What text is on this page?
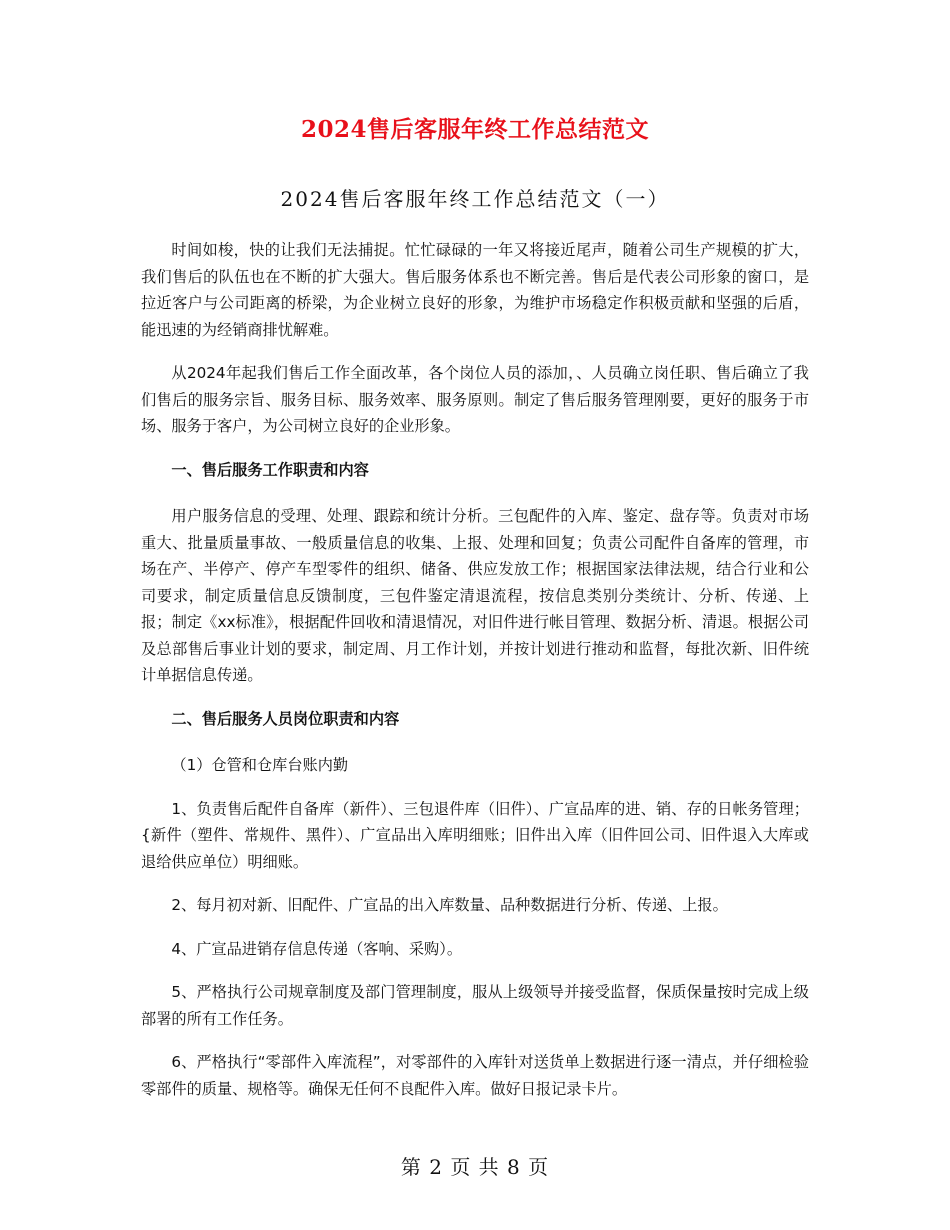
2024售后客服年终工作总结范文
2024售后客服年终工作总结范文（一）

时间如梭，快的让我们无法捕捉。忙忙碌碌的一年又将接近尾声，随着公司生产规模的扩大，我们售后的队伍也在不断的扩大强大。售后服务体系也不断完善。售后是代表公司形象的窗口，是拉近客户与公司距离的桥梁，为企业树立良好的形象，为维护市场稳定作积极贡献和坚强的后盾，能迅速的为经销商排忧解难。

从2024年起我们售后工作全面改革，各个岗位人员的添加，、人员确立岗任职、售后确立了我们售后的服务宗旨、服务目标、服务效率、服务原则。制定了售后服务管理刚要，更好的服务于市场、服务于客户，为公司树立良好的企业形象。

一、售后服务工作职责和内容

用户服务信息的受理、处理、跟踪和统计分析。三包配件的入库、鉴定、盘存等。负责对市场重大、批量质量事故、一般质量信息的收集、上报、处理和回复；负责公司配件自备库的管理，市场在产、半停产、停产车型零件的组织、储备、供应发放工作；根据国家法律法规，结合行业和公司要求，制定质量信息反馈制度，三包件鉴定清退流程，按信息类别分类统计、分析、传递、上报；制定《xx标准》，根据配件回收和清退情况，对旧件进行帐目管理、数据分析、清退。根据公司及总部售后事业计划的要求，制定周、月工作计划，并按计划进行推动和监督，每批次新、旧件统计单据信息传递。

二、售后服务人员岗位职责和内容

（1）仓管和仓库台账内勤

1、负责售后配件自备库（新件）、三包退件库（旧件）、广宣品库的进、销、存的日帐务管理；{新件（塑件、常规件、黑件）、广宣品出入库明细账；旧件出入库（旧件回公司、旧件退入大库或退给供应单位）明细账。

2、每月初对新、旧配件、广宣品的出入库数量、品种数据进行分析、传递、上报。

4、广宣品进销存信息传递（客响、采购）。

5、严格执行公司规章制度及部门管理制度，服从上级领导并接受监督，保质保量按时完成上级部署的所有工作任务。

6、严格执行“零部件入库流程”，对零部件的入库针对送货单上数据进行逐一清点，并仔细检验零部件的质量、规格等。确保无任何不良配件入库。做好日报记录卡片。

第 2 页 共 8 页
